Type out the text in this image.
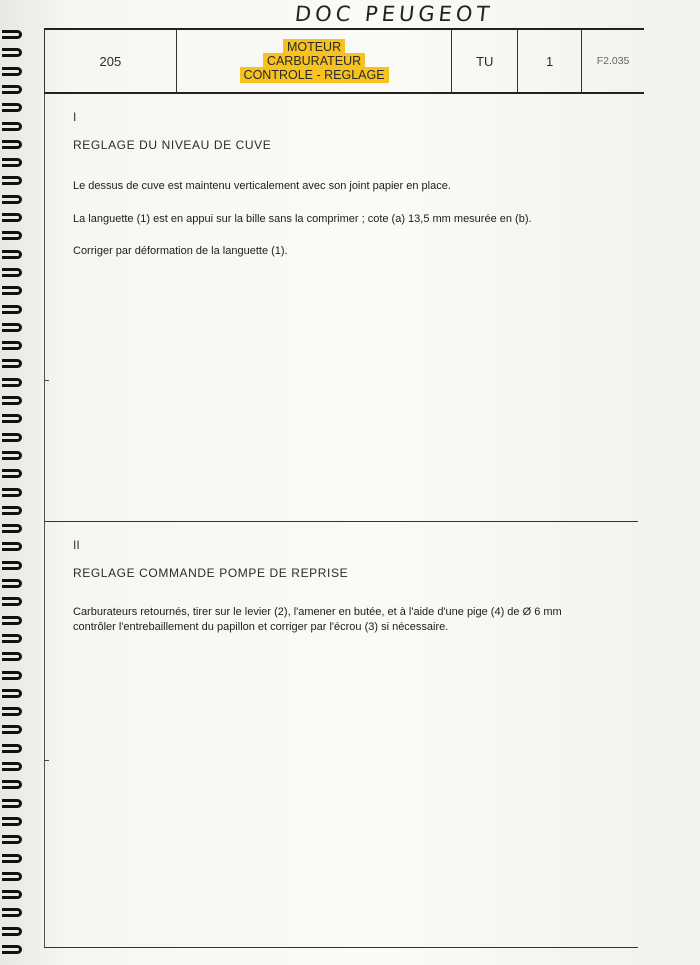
DOC PEUGEOT
205
MOTEUR
CARBURATEUR
CONTROLE - REGLAGE
TU	1	F2.035
I
REGLAGE DU NIVEAU DE CUVE
Le dessus de cuve est maintenu verticalement avec son joint papier en place.
La languette (1) est en appui sur la bille sans la comprimer ; cote (a) 13,5 mm mesurée en (b).
Corriger par déformation de la languette (1).
II
REGLAGE COMMANDE POMPE DE REPRISE
Carburateurs retournés, tirer sur le levier (2), l'amener en butée, et à l'aide d'une pige (4) de Ø 6 mm
contrôler l'entrebaillement du papillon et corriger par l'écrou (3) si nécessaire.
